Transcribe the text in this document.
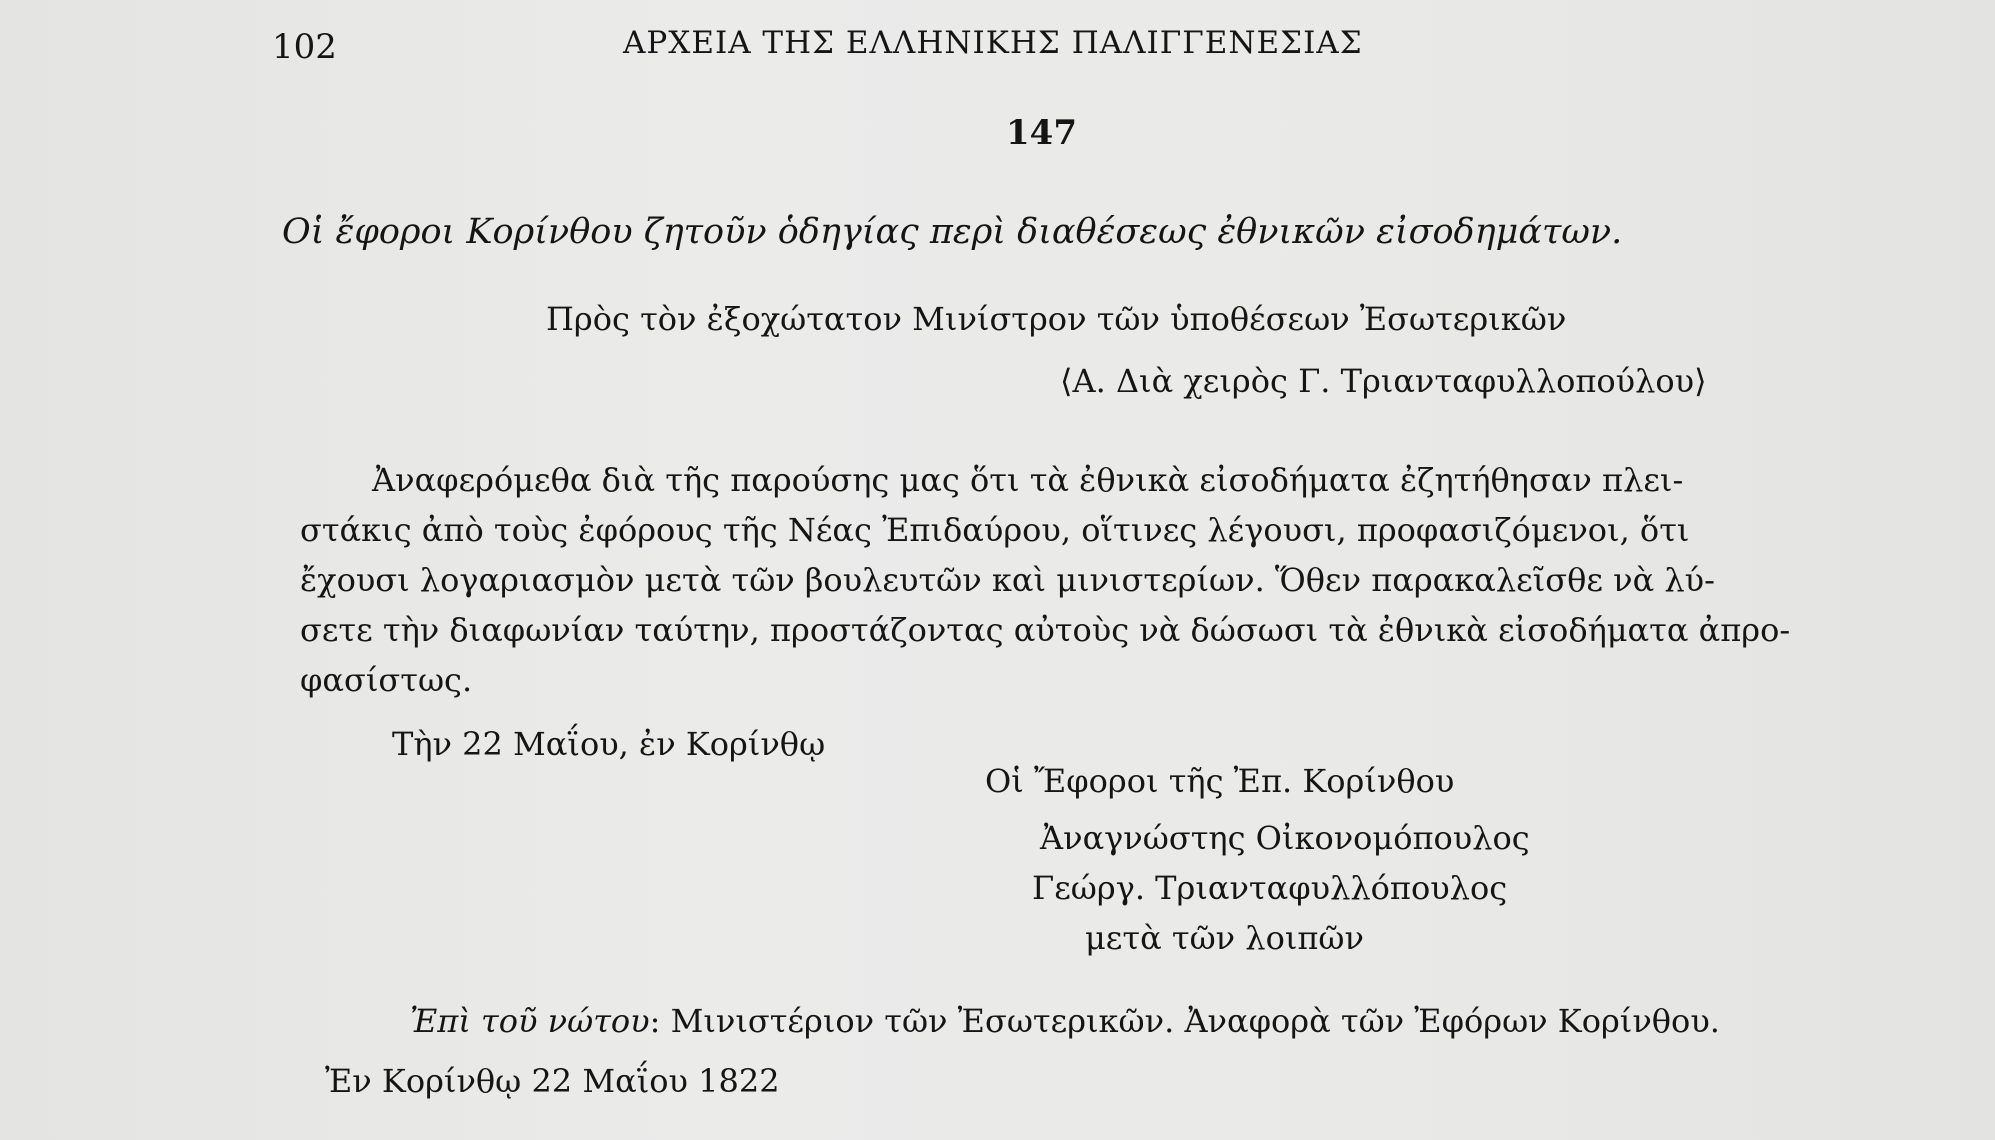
102	ΑΡΧΕΙΑ ΤΗΣ ΕΛΛΗΝΙΚΗΣ ΠΑΛΙΓΓΕΝΕΣΙΑΣ
147
Οἱ ἔφοροι Κορίνθου ζητοῦν ὁδηγίας περὶ διαθέσεως ἐθνικῶν εἰσοδημάτων.
Πρὸς τὸν ἐξοχώτατον Μινίστρον τῶν ὑποθέσεων Ἐσωτερικῶν
⟨Α. Διὰ χειρὸς Γ. Τριανταφυλλοπούλου⟩
Ἀναφερόμεθα διὰ τῆς παρούσης μας ὅτι τὰ ἐθνικὰ εἰσοδήματα ἐζητήθησαν πλει-
στάκις ἀπὸ τοὺς ἐφόρους τῆς Νέας Ἐπιδαύρου, οἵτινες λέγουσι, προφασιζόμενοι, ὅτι
ἔχουσι λογαριασμὸν μετὰ τῶν βουλευτῶν καὶ μινιστερίων. Ὅθεν παρακαλεῖσθε νὰ λύ-
σετε τὴν διαφωνίαν ταύτην, προστάζοντας αὐτοὺς νὰ δώσωσι τὰ ἐθνικὰ εἰσοδήματα ἀπρο-
φασίστως.
Τὴν 22 Μαΐου, ἐν Κορίνθῳ
Οἱ Ἔφοροι τῆς Ἐπ. Κορίνθου
Ἀναγνώστης Οἰκονομόπουλος
Γεώργ. Τριανταφυλλόπουλος
μετὰ τῶν λοιπῶν
Ἐπὶ τοῦ νώτου: Μινιστέριον τῶν Ἐσωτερικῶν. Ἀναφορὰ τῶν Ἐφόρων Κορίνθου.
Ἐν Κορίνθῳ 22 Μαΐου 1822
